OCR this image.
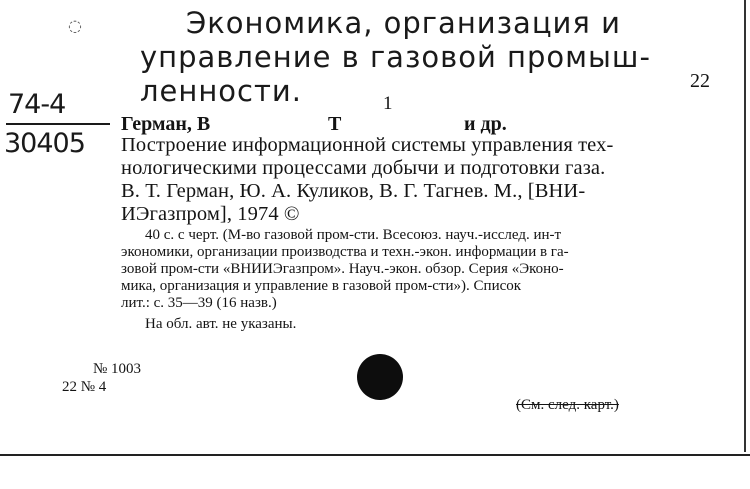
◌	Экономика, организация и
управление в газовой промыш-
ленности.
74-4
30405
22
1
Герман, В	Т	и др.
Построение информационной системы управления тех-
нологическими процессами добычи и подготовки газа.
В. Т. Герман, Ю. А. Куликов, В. Г. Тагнев. М., [ВНИ-
ИЭгазпром], 1974 ©
40 с. с черт. (М-во газовой пром-сти. Всесоюз. науч.-исслед. ин-т
экономики, организации производства и техн.-экон. информации в га-
зовой пром-сти «ВНИИЭгазпром». Науч.-экон. обзор. Серия «Эконо-
мика, организация и управление в газовой пром-сти»). Список
лит.: с. 35—39 (16 назв.)
На обл. авт. не указаны.
№ 1003
22 № 4
(См. след. карт.)
